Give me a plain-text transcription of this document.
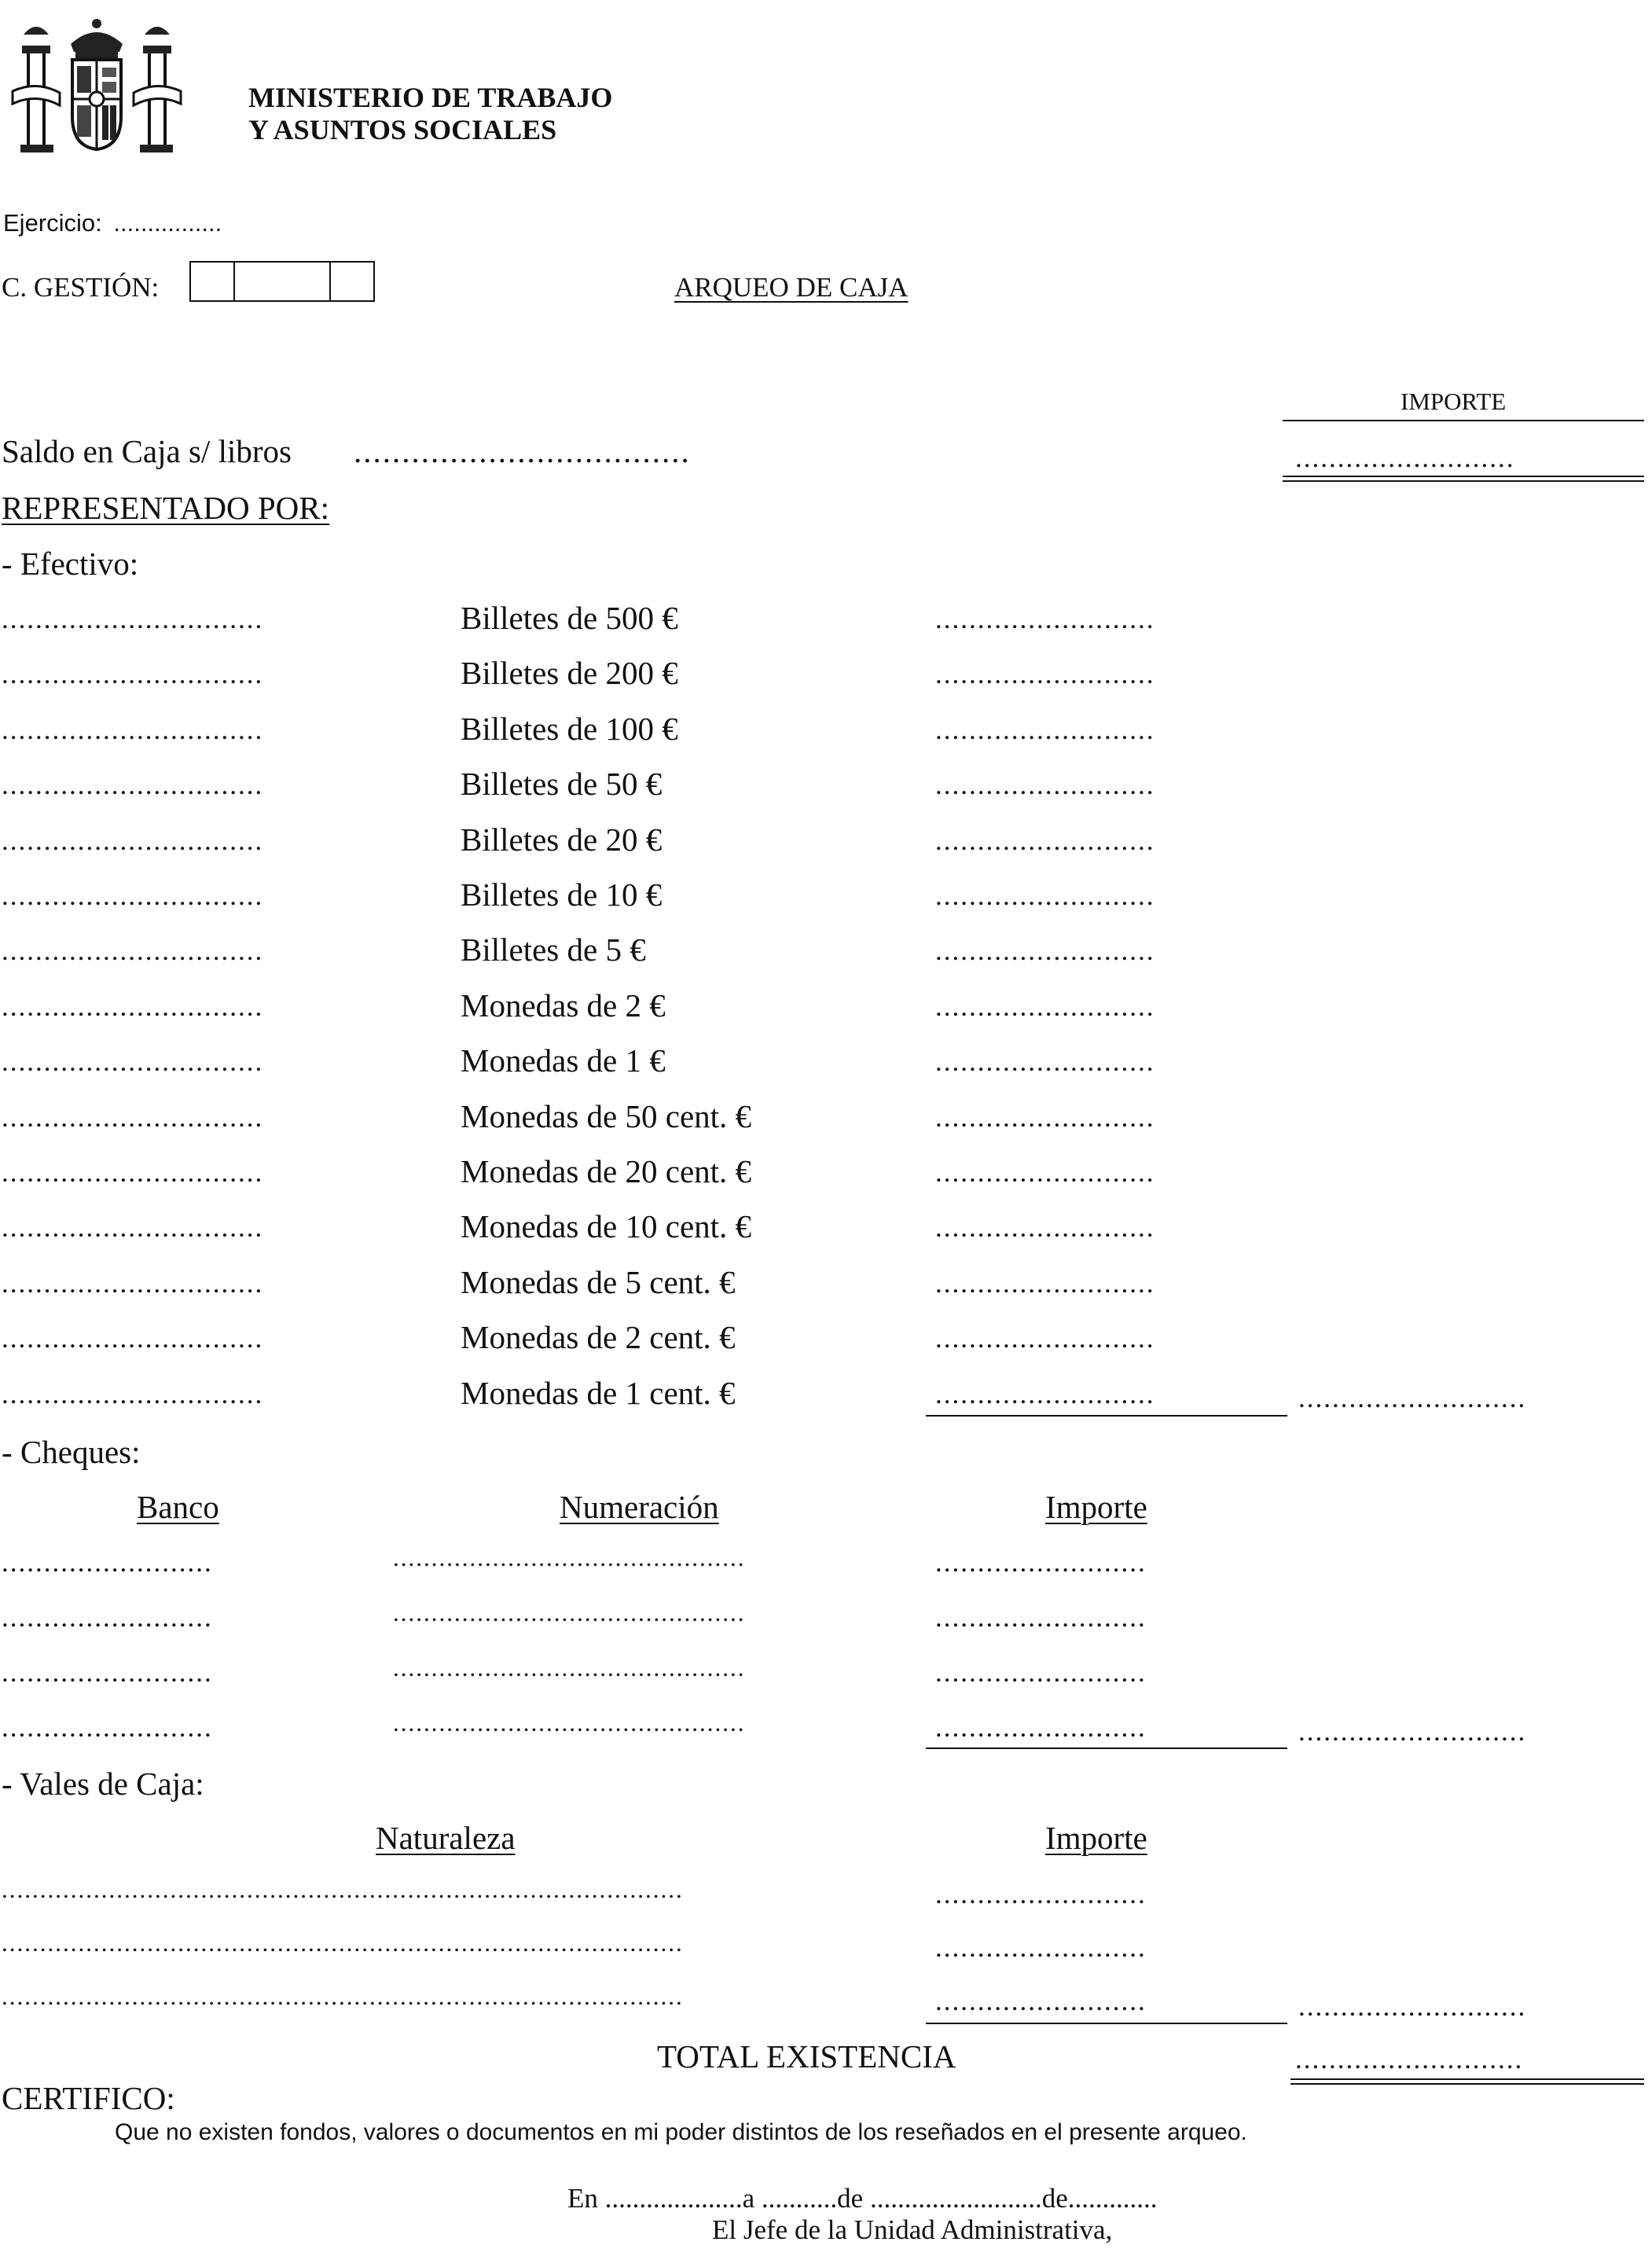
MINISTERIO DE TRABAJO
Y ASUNTOS SOCIALES
Ejercicio: ................
C. GESTIÓN:	ARQUEO DE CAJA
IMPORTE
Saldo en Caja s/ libros ...................................	..........................
REPRESENTADO POR:
- Efectivo:
...............................	Billetes de 500 €	..........................
...............................	Billetes de 200 €	..........................
...............................	Billetes de 100 €	..........................
...............................	Billetes de 50 €	..........................
...............................	Billetes de 20 €	..........................
...............................	Billetes de 10 €	..........................
...............................	Billetes de 5 €	..........................
...............................	Monedas de 2 €	..........................
...............................	Monedas de 1 €	..........................
...............................	Monedas de 50 cent. €	..........................
...............................	Monedas de 20 cent. €	..........................
...............................	Monedas de 10 cent. €	..........................
...............................	Monedas de 5 cent. €	..........................
...............................	Monedas de 2 cent. €	..........................
...............................	Monedas de 1 cent. €	..........................	...........................
- Cheques:
Banco	Numeración	Importe
.........................	..............................................	.........................
.........................	..............................................	.........................
.........................	..............................................	.........................
.........................	..............................................	.........................	...........................
- Vales de Caja:
Naturaleza	Importe
.........................................................................................	.........................
.........................................................................................	.........................
.........................................................................................	.........................	...........................
TOTAL EXISTENCIA	...........................
CERTIFICO:
Que no existen fondos, valores o documentos en mi poder distintos de los reseñados en el presente arqueo.
En ....................a ...........de .........................de.............
El Jefe de la Unidad Administrativa,
